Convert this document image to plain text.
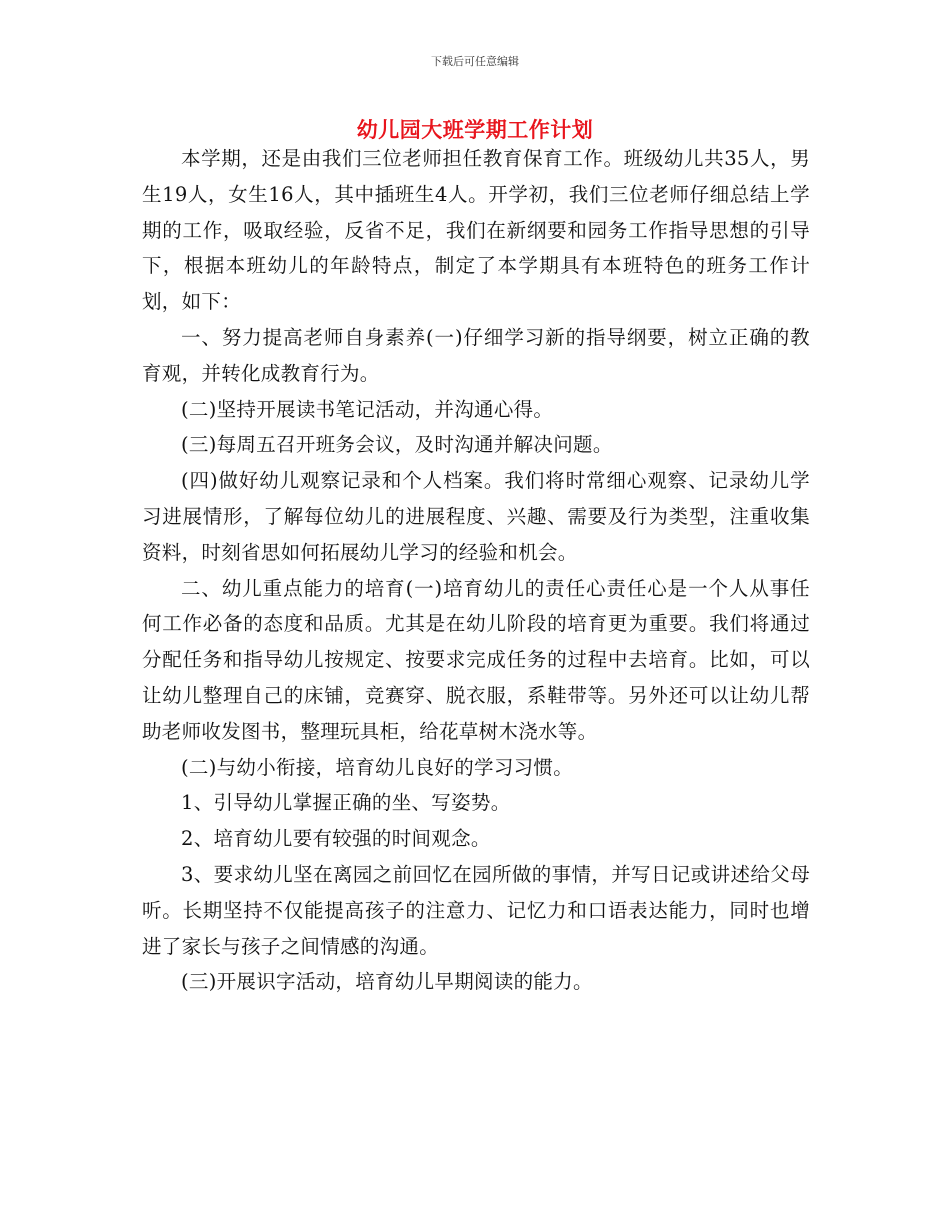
下载后可任意编辑
幼儿园大班学期工作计划

本学期，还是由我们三位老师担任教育保育工作。班级幼儿共35人，男生19人，女生16人，其中插班生4人。开学初，我们三位老师仔细总结上学期的工作，吸取经验，反省不足，我们在新纲要和园务工作指导思想的引导下，根据本班幼儿的年龄特点，制定了本学期具有本班特色的班务工作计划，如下：

一、努力提高老师自身素养(一)仔细学习新的指导纲要，树立正确的教育观，并转化成教育行为。

(二)坚持开展读书笔记活动，并沟通心得。

(三)每周五召开班务会议，及时沟通并解决问题。

(四)做好幼儿观察记录和个人档案。我们将时常细心观察、记录幼儿学习进展情形，了解每位幼儿的进展程度、兴趣、需要及行为类型，注重收集资料，时刻省思如何拓展幼儿学习的经验和机会。

二、幼儿重点能力的培育(一)培育幼儿的责任心责任心是一个人从事任何工作必备的态度和品质。尤其是在幼儿阶段的培育更为重要。我们将通过分配任务和指导幼儿按规定、按要求完成任务的过程中去培育。比如，可以让幼儿整理自己的床铺，竞赛穿、脱衣服，系鞋带等。另外还可以让幼儿帮助老师收发图书，整理玩具柜，给花草树木浇水等。

(二)与幼小衔接，培育幼儿良好的学习习惯。

1、引导幼儿掌握正确的坐、写姿势。

2、培育幼儿要有较强的时间观念。

3、要求幼儿坚在离园之前回忆在园所做的事情，并写日记或讲述给父母听。长期坚持不仅能提高孩子的注意力、记忆力和口语表达能力，同时也增进了家长与孩子之间情感的沟通。

(三)开展识字活动，培育幼儿早期阅读的能力。
